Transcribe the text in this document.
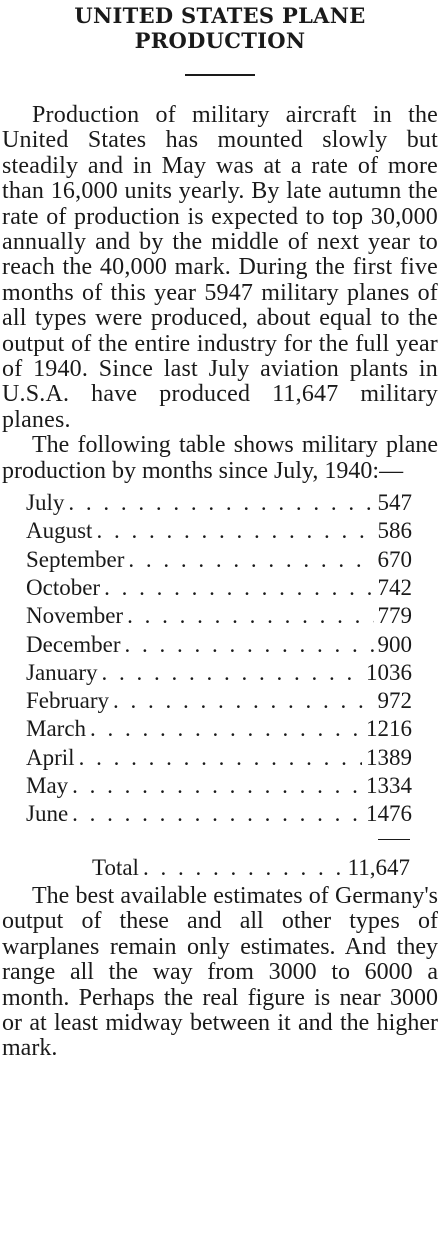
UNITED STATES PLANE PRODUCTION

Production of military aircraft in the United States has mounted slowly but steadily and in May was at a rate of more than 16,000 units yearly. By late autumn the rate of production is expected to top 30,000 annually and by the middle of next year to reach the 40,000 mark. During the first five months of this year 5947 military planes of all types were produced, about equal to the output of the entire industry for the full year of 1940. Since last July aviation plants in U.S.A. have produced 11,647 military planes.

The following table shows military plane production by months since July, 1940:—

July . . .	547
August . . .	586
September . . .	670
October . . .	742
November . . .	779
December . . .	900
January . . .	1036
February . . .	972
March . . .	1216
April . . .	1389
May . . .	1334
June . . .	1476
Total . . .	11,647

The best available estimates of Germany's output of these and all other types of warplanes remain only estimates. And they range all the way from 3000 to 6000 a month. Perhaps the real figure is near 3000 or at least midway between it and the higher mark.
